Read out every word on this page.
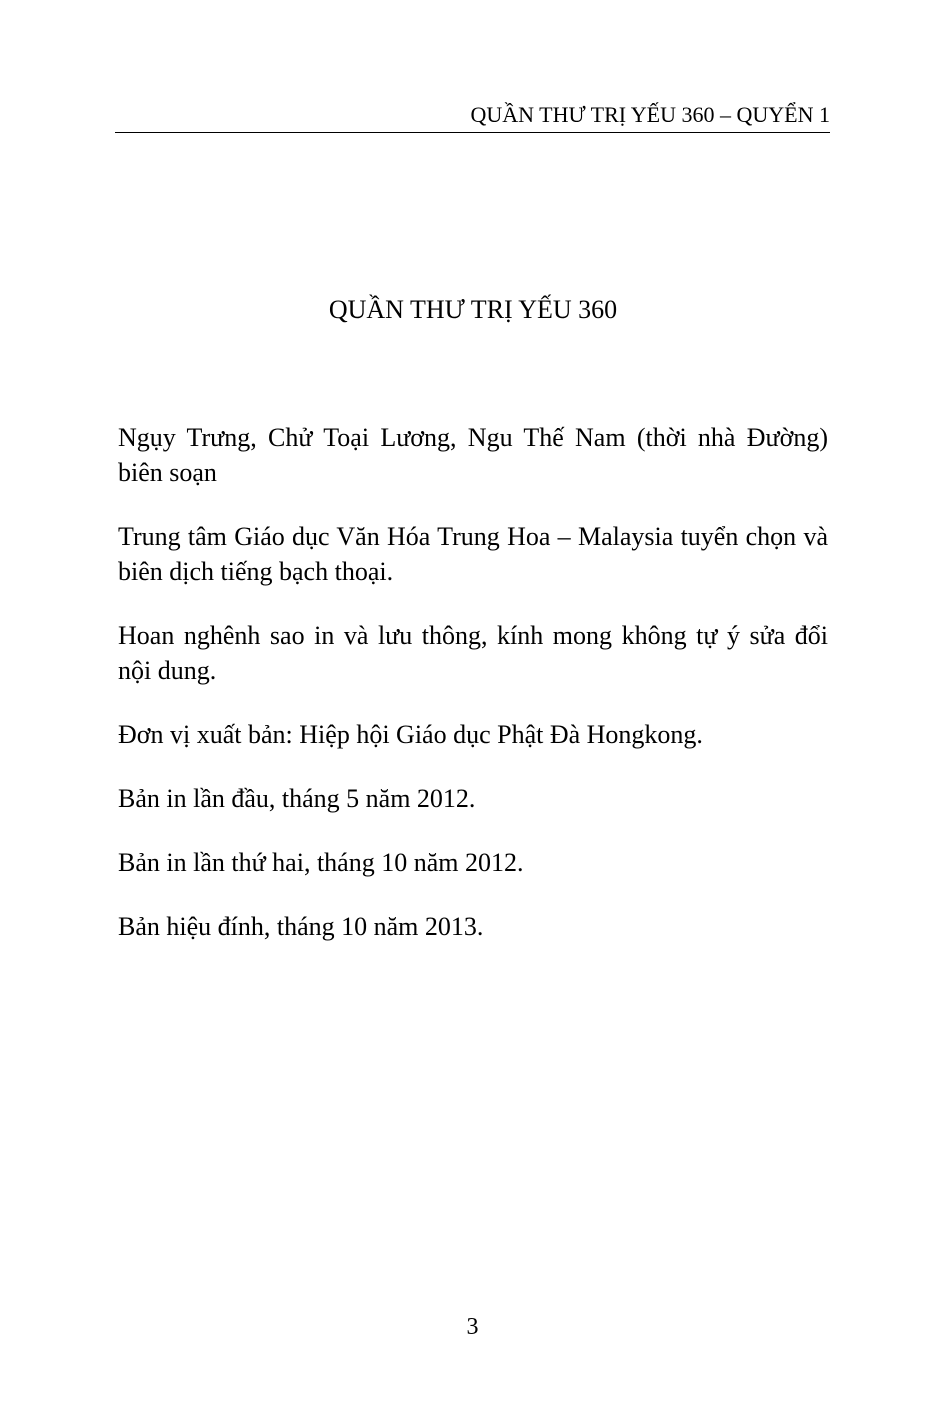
QUẦN THƯ TRỊ YẾU 360 – QUYỂN 1
QUẦN THƯ TRỊ YẾU 360

Ngụy Trưng, Chử Toại Lương, Ngu Thế Nam (thời nhà Đường) biên soạn

Trung tâm Giáo dục Văn Hóa Trung Hoa – Malaysia tuyển chọn và biên dịch tiếng bạch thoại.

Hoan nghênh sao in và lưu thông, kính mong không tự ý sửa đổi nội dung.

Đơn vị xuất bản: Hiệp hội Giáo dục Phật Đà Hongkong.

Bản in lần đầu, tháng 5 năm 2012.

Bản in lần thứ hai, tháng 10 năm 2012.

Bản hiệu đính, tháng 10 năm 2013.

3
